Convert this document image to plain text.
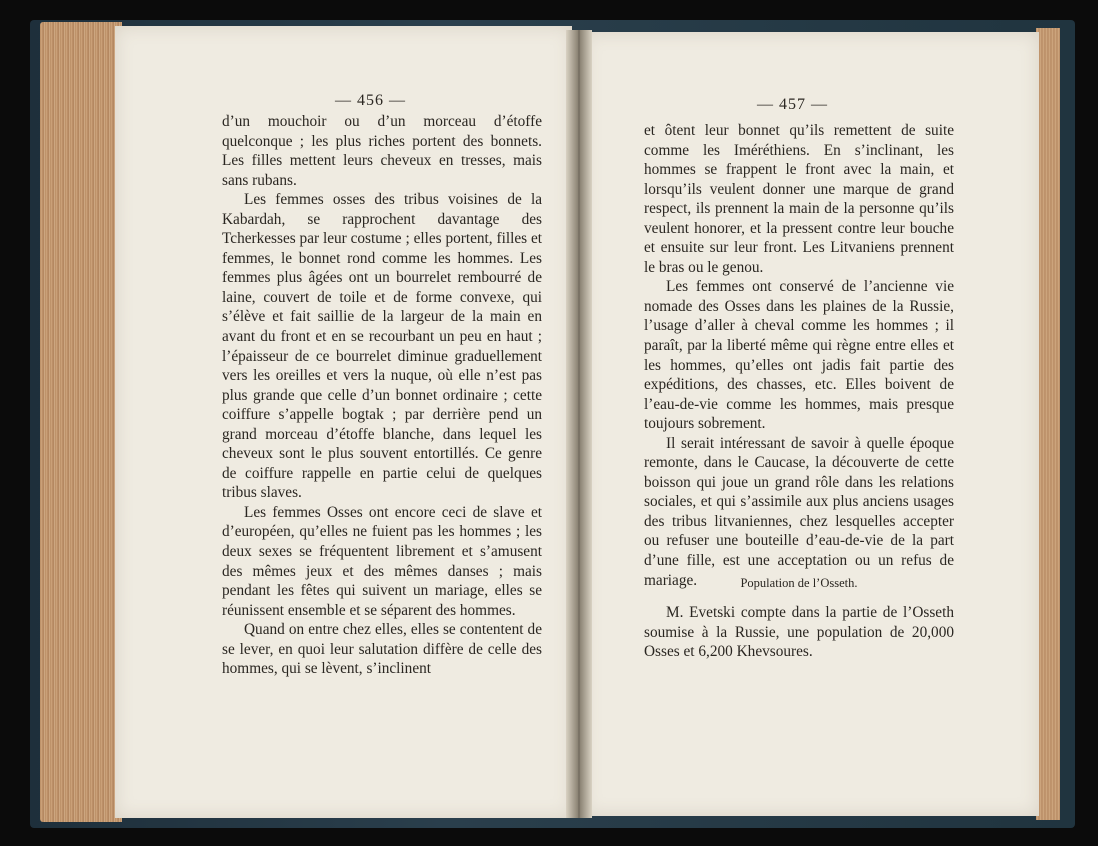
— 456 —	— 457 —

d’un mouchoir ou d’un morceau d’étoffe quelconque ; les plus riches portent des bonnets. Les filles mettent leurs cheveux en tresses, mais sans rubans.

Les femmes osses des tribus voisines de la Kabardah, se rapprochent davantage des Tcherkesses par leur costume ; elles portent, filles et femmes, le bonnet rond comme les hommes. Les femmes plus âgées ont un bourrelet rembourré de laine, couvert de toile et de forme convexe, qui s’élève et fait saillie de la largeur de la main en avant du front et en se recourbant un peu en haut ; l’épaisseur de ce bourrelet diminue graduellement vers les oreilles et vers la nuque, où elle n’est pas plus grande que celle d’un bonnet ordinaire ; cette coiffure s’appelle bogtak ; par derrière pend un grand morceau d’étoffe blanche, dans lequel les cheveux sont le plus souvent entortillés. Ce genre de coiffure rappelle en partie celui de quelques tribus slaves.

Les femmes Osses ont encore ceci de slave et d’européen, qu’elles ne fuient pas les hommes ; les deux sexes se fréquentent librement et s’amusent des mêmes jeux et des mêmes danses ; mais pendant les fêtes qui suivent un mariage, elles se réunissent ensemble et se séparent des hommes.

Quand on entre chez elles, elles se contentent de se lever, en quoi leur salutation diffère de celle des hommes, qui se lèvent, s’inclinent

et ôtent leur bonnet qu’ils remettent de suite comme les Iméréthiens. En s’inclinant, les hommes se frappent le front avec la main, et lorsqu’ils veulent donner une marque de grand respect, ils prennent la main de la personne qu’ils veulent honorer, et la pressent contre leur bouche et ensuite sur leur front. Les Litvaniens prennent le bras ou le genou.

Les femmes ont conservé de l’ancienne vie nomade des Osses dans les plaines de la Russie, l’usage d’aller à cheval comme les hommes ; il paraît, par la liberté même qui règne entre elles et les hommes, qu’elles ont jadis fait partie des expéditions, des chasses, etc. Elles boivent de l’eau-de-vie comme les hommes, mais presque toujours sobrement.

Il serait intéressant de savoir à quelle époque remonte, dans le Caucase, la découverte de cette boisson qui joue un grand rôle dans les relations sociales, et qui s’assimile aux plus anciens usages des tribus litvaniennes, chez lesquelles accepter ou refuser une bouteille d’eau-de-vie de la part d’une fille, est une acceptation ou un refus de mariage.	Population de l’Osseth.

M. Evetski compte dans la partie de l’Osseth soumise à la Russie, une population de 20,000 Osses et 6,200 Khevsoures.
